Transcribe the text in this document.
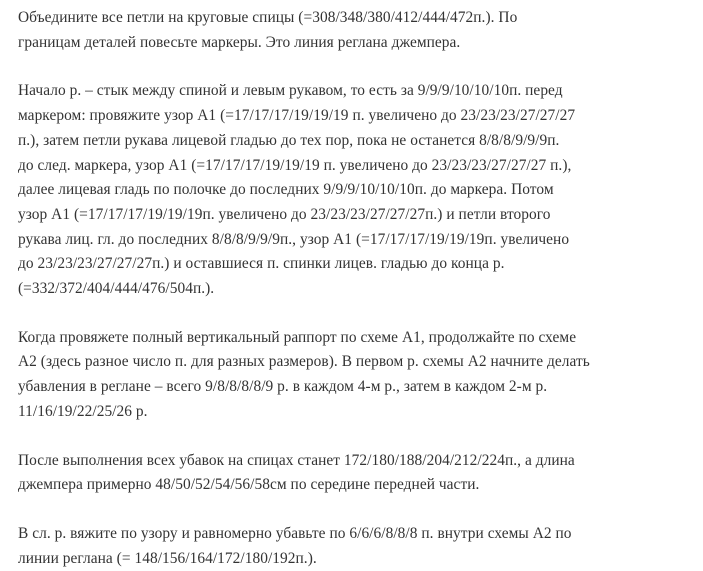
Объедините все петли на круговые спицы (=308/348/380/412/444/472п.). По
границам деталей повесьте маркеры. Это линия реглана джемпера.

Начало р. – стык между спиной и левым рукавом, то есть за 9/9/9/10/10/10п. перед
маркером: провяжите узор А1 (=17/17/17/19/19/19 п. увеличено до 23/23/23/27/27/27
п.), затем петли рукава лицевой гладью до тех пор, пока не останется 8/8/8/9/9/9п.
до след. маркера, узор А1 (=17/17/17/19/19/19 п. увеличено до 23/23/23/27/27/27 п.),
далее лицевая гладь по полочке до последних 9/9/9/10/10/10п. до маркера. Потом
узор А1 (=17/17/17/19/19/19п. увеличено до 23/23/23/27/27/27п.) и петли второго
рукава лиц. гл. до последних 8/8/8/9/9/9п., узор А1 (=17/17/17/19/19/19п. увеличено
до 23/23/23/27/27/27п.) и оставшиеся п. спинки лицев. гладью до конца р.
(=332/372/404/444/476/504п.).

Когда провяжете полный вертикальный раппорт по схеме А1, продолжайте по схеме
А2 (здесь разное число п. для разных размеров). В первом р. схемы А2 начните делать
убавления в реглане – всего 9/8/8/8/8/9 р. в каждом 4-м р., затем в каждом 2-м р.
11/16/19/22/25/26 р.

После выполнения всех убавок на спицах станет 172/180/188/204/212/224п., а длина
джемпера примерно 48/50/52/54/56/58см по середине передней части.

В сл. р. вяжите по узору и равномерно убавьте по 6/6/6/8/8/8 п. внутри схемы А2 по
линии реглана (= 148/156/164/172/180/192п.).
